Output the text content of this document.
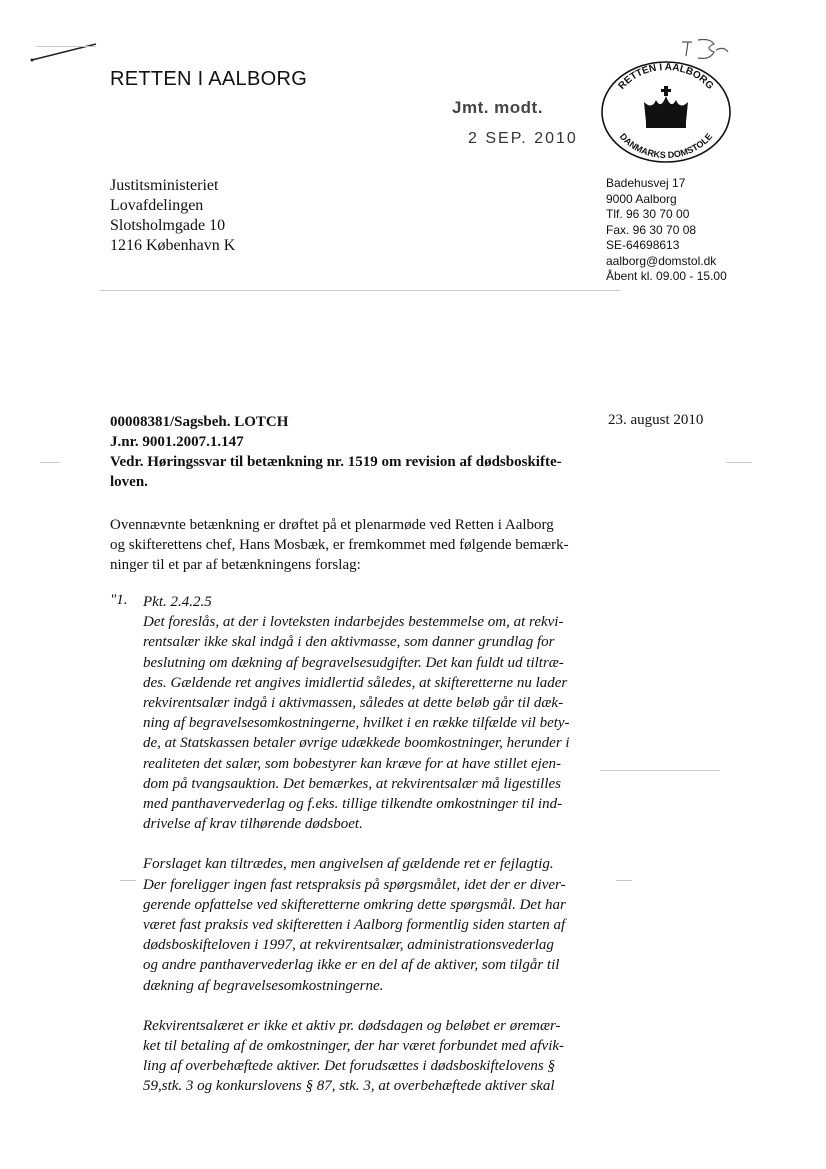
RETTEN I AALBORG
Jmt. modt.
2 SEP. 2010
RETTEN I AALBORG
DANMARKS DOMSTOLE
Justitsministeriet
Lovafdelingen
Slotsholmgade 10
1216 København K
Badehusvej 17
9000 Aalborg
Tlf. 96 30 70 00
Fax. 96 30 70 08
SE-64698613
aalborg@domstol.dk
Åbent kl. 09.00 - 15.00
00008381/Sagsbeh. LOTCH
J.nr. 9001.2007.1.147
Vedr. Høringssvar til betænkning nr. 1519 om revision af dødsboskifte-
loven.
23. august 2010
Ovennævnte betænkning er drøftet på et plenarmøde ved Retten i Aalborg
og skifterettens chef, Hans Mosbæk, er fremkommet med følgende bemærk-
ninger til et par af betænkningens forslag:
"1. Pkt. 2.4.2.5

Det foreslås, at der i lovteksten indarbejdes bestemmelse om, at rekvi-
rentsalær ikke skal indgå i den aktivmasse, som danner grundlag for
beslutning om dækning af begravelsesudgifter. Det kan fuldt ud tiltræ-
des. Gældende ret angives imidlertid således, at skifteretterne nu lader
rekvirentsalær indgå i aktivmassen, således at dette beløb går til dæk-
ning af begravelsesomkostningerne, hvilket i en række tilfælde vil bety-
de, at Statskassen betaler øvrige udækkede boomkostninger, herunder i
realiteten det salær, som bobestyrer kan kræve for at have stillet ejen-
dom på tvangsauktion. Det bemærkes, at rekvirentsalær må ligestilles
med panthavervederlag og f.eks. tillige tilkendte omkostninger til ind-
drivelse af krav tilhørende dødsboet.

Forslaget kan tiltrædes, men angivelsen af gældende ret er fejlagtig.
Der foreligger ingen fast retspraksis på spørgsmålet, idet der er diver-
gerende opfattelse ved skifteretterne omkring dette spørgsmål. Det har
været fast praksis ved skifteretten i Aalborg formentlig siden starten af
dødsboskifteloven i 1997, at rekvirentsalær, administrationsvederlag
og andre panthavervederlag ikke er en del af de aktiver, som tilgår til
dækning af begravelsesomkostningerne.

Rekvirentsalæret er ikke et aktiv pr. dødsdagen og beløbet er øremær-
ket til betaling af de omkostninger, der har været forbundet med afvik-
ling af overbehæftede aktiver. Det forudsættes i dødsboskiftelovens §
59,stk. 3 og konkurslovens § 87, stk. 3, at overbehæftede aktiver skal
